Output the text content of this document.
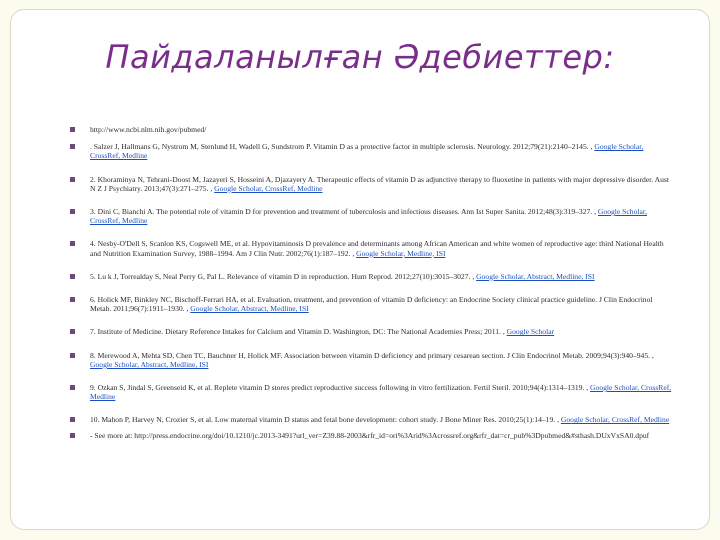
Пайдаланылған Әдебиеттер:
http://www.ncbi.nlm.nih.gov/pubmed/
. Salzer J, Hallmans G, Nystrom M, Stenlund H, Wadell G, Sundstrom P. Vitamin D as a protective factor in multiple sclerosis. Neurology. 2012;79(21):2140–2145. , Google Scholar, CrossRef, Medline
2. Khoraminya N, Tehrani-Doost M, Jazayeri S, Hosseini A, Djazayery A. Therapeutic effects of vitamin D as adjunctive therapy to fluoxetine in patients with major depressive disorder. Aust N Z J Psychiatry. 2013;47(3):271–275. , Google Scholar, CrossRef, Medline
3. Dini C, Bianchi A. The potential role of vitamin D for prevention and treatment of tuberculosis and infectious diseases. Ann Ist Super Sanita. 2012;48(3):319–327. , Google Scholar, CrossRef, Medline
4. Nesby-O'Dell S, Scanlon KS, Cogswell ME, et al. Hypovitaminosis D prevalence and determinants among African American and white women of reproductive age: third National Health and Nutrition Examination Survey, 1988–1994. Am J Clin Nutr. 2002;76(1):187–192. , Google Scholar, Medline, ISI
5. Lu k J, Torrealday S, Neal Perry G, Pal L. Relevance of vitamin D in reproduction. Hum Reprod. 2012;27(10):3015–3027. , Google Scholar, Abstract, Medline, ISI
6. Holick MF, Binkley NC, Bischoff-Ferrari HA, et al. Evaluation, treatment, and prevention of vitamin D deficiency: an Endocrine Society clinical practice guideline. J Clin Endocrinol Metab. 2011;96(7):1911–1930. , Google Scholar, Abstract, Medline, ISI
7. Institute of Medicine. Dietary Reference Intakes for Calcium and Vitamin D. Washington, DC: The National Academies Press; 2011. , Google Scholar
8. Merewood A, Mehta SD, Chen TC, Bauchner H, Holick MF. Association between vitamin D deficiency and primary cesarean section. J Clin Endocrinol Metab. 2009;94(3):940–945. , Google Scholar, Abstract, Medline, ISI
9. Ozkan S, Jindal S, Greenseid K, et al. Replete vitamin D stores predict reproductive success following in vitro fertilization. Fertil Steril. 2010;94(4):1314–1319. , Google Scholar, CrossRef, Medline
10. Mahon P, Harvey N, Crozier S, et al. Low maternal vitamin D status and fetal bone development: cohort study. J Bone Miner Res. 2010;25(1):14–19. , Google Scholar, CrossRef, Medline
- See more at: http://press.endocrine.org/doi/10.1210/jc.2013-3491?url_ver=Z39.88-2003&rfr_id=ori%3Arid%3Acrossref.org&rfr_dat=cr_pub%3Dpubmed&#sthash.DUxVxSA0.dpuf
